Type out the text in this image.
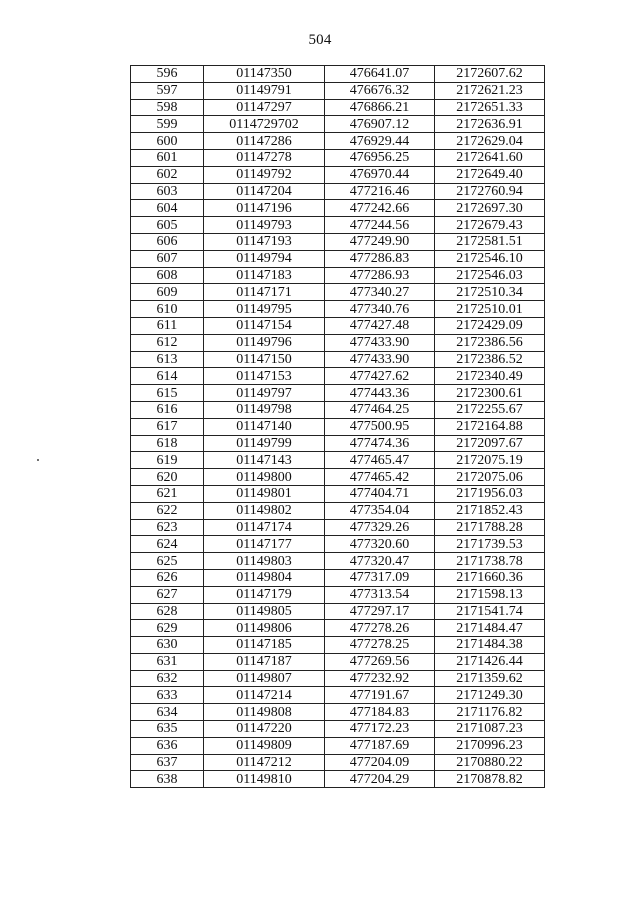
504
596	01147350	476641.07	2172607.62
597	01149791	476676.32	2172621.23
598	01147297	476866.21	2172651.33
599	0114729702	476907.12	2172636.91
600	01147286	476929.44	2172629.04
601	01147278	476956.25	2172641.60
602	01149792	476970.44	2172649.40
603	01147204	477216.46	2172760.94
604	01147196	477242.66	2172697.30
605	01149793	477244.56	2172679.43
606	01147193	477249.90	2172581.51
607	01149794	477286.83	2172546.10
608	01147183	477286.93	2172546.03
609	01147171	477340.27	2172510.34
610	01149795	477340.76	2172510.01
611	01147154	477427.48	2172429.09
612	01149796	477433.90	2172386.56
613	01147150	477433.90	2172386.52
614	01147153	477427.62	2172340.49
615	01149797	477443.36	2172300.61
616	01149798	477464.25	2172255.67
617	01147140	477500.95	2172164.88
618	01149799	477474.36	2172097.67
619	01147143	477465.47	2172075.19
620	01149800	477465.42	2172075.06
621	01149801	477404.71	2171956.03
622	01149802	477354.04	2171852.43
623	01147174	477329.26	2171788.28
624	01147177	477320.60	2171739.53
625	01149803	477320.47	2171738.78
626	01149804	477317.09	2171660.36
627	01147179	477313.54	2171598.13
628	01149805	477297.17	2171541.74
629	01149806	477278.26	2171484.47
630	01147185	477278.25	2171484.38
631	01147187	477269.56	2171426.44
632	01149807	477232.92	2171359.62
633	01147214	477191.67	2171249.30
634	01149808	477184.83	2171176.82
635	01147220	477172.23	2171087.23
636	01149809	477187.69	2170996.23
637	01147212	477204.09	2170880.22
638	01149810	477204.29	2170878.82
